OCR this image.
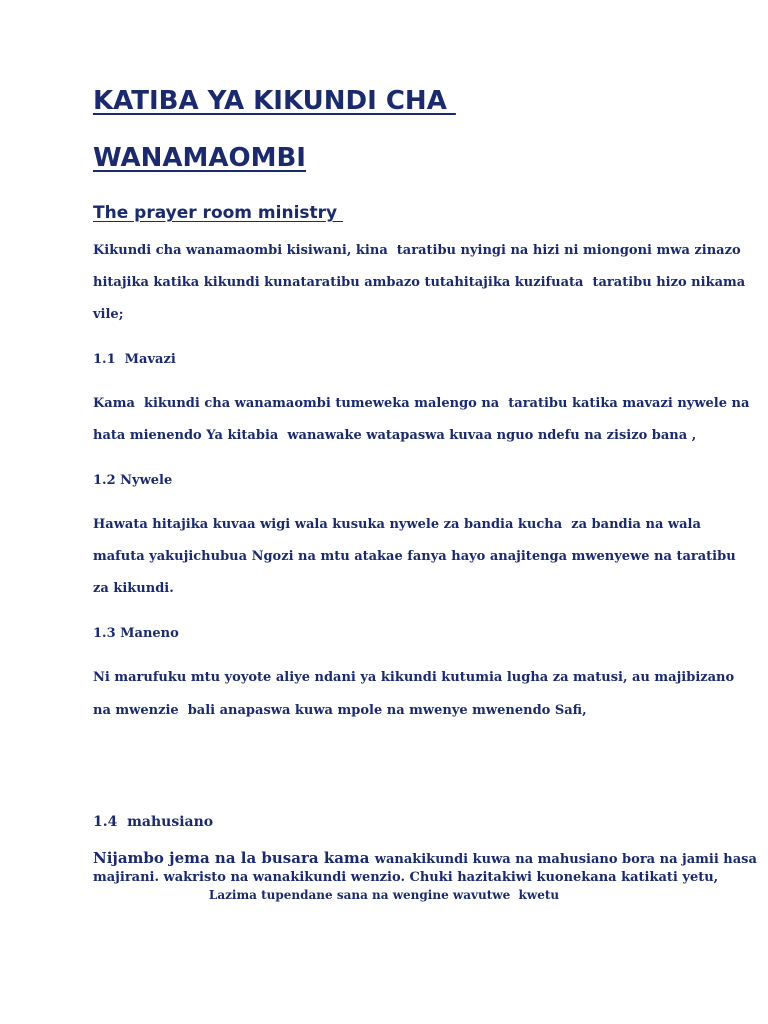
KATIBA YA KIKUNDI CHA
WANAMAOMBI
The prayer room ministry

Kikundi cha wanamaombi kisiwani, kina  taratibu nyingi na hizi ni miongoni mwa zinazo

hitajika katika kikundi kunataratibu ambazo tutahitajika kuzifuata  taratibu hizo nikama

vile;

1.1  Mavazi

Kama  kikundi cha wanamaombi tumeweka malengo na  taratibu katika mavazi nywele na

hata mienendo Ya kitabia  wanawake watapaswa kuvaa nguo ndefu na zisizo bana ,

1.2 Nywele

Hawata hitajika kuvaa wigi wala kusuka nywele za bandia kucha  za bandia na wala

mafuta yakujichubua Ngozi na mtu atakae fanya hayo anajitenga mwenyewe na taratibu

za kikundi.

1.3 Maneno

Ni marufuku mtu yoyote aliye ndani ya kikundi kutumia lugha za matusi, au majibizano

na mwenzie  bali anapaswa kuwa mpole na mwenye mwenendo Safi,

1.4  mahusiano

Nijambo jema na la busara kama wanakikundi kuwa na mahusiano bora na jamii hasa

majirani. wakristo na wanakikundi wenzio. Chuki hazitakiwi kuonekana katikati yetu,

Lazima tupendane sana na wengine wavutwe  kwetu
